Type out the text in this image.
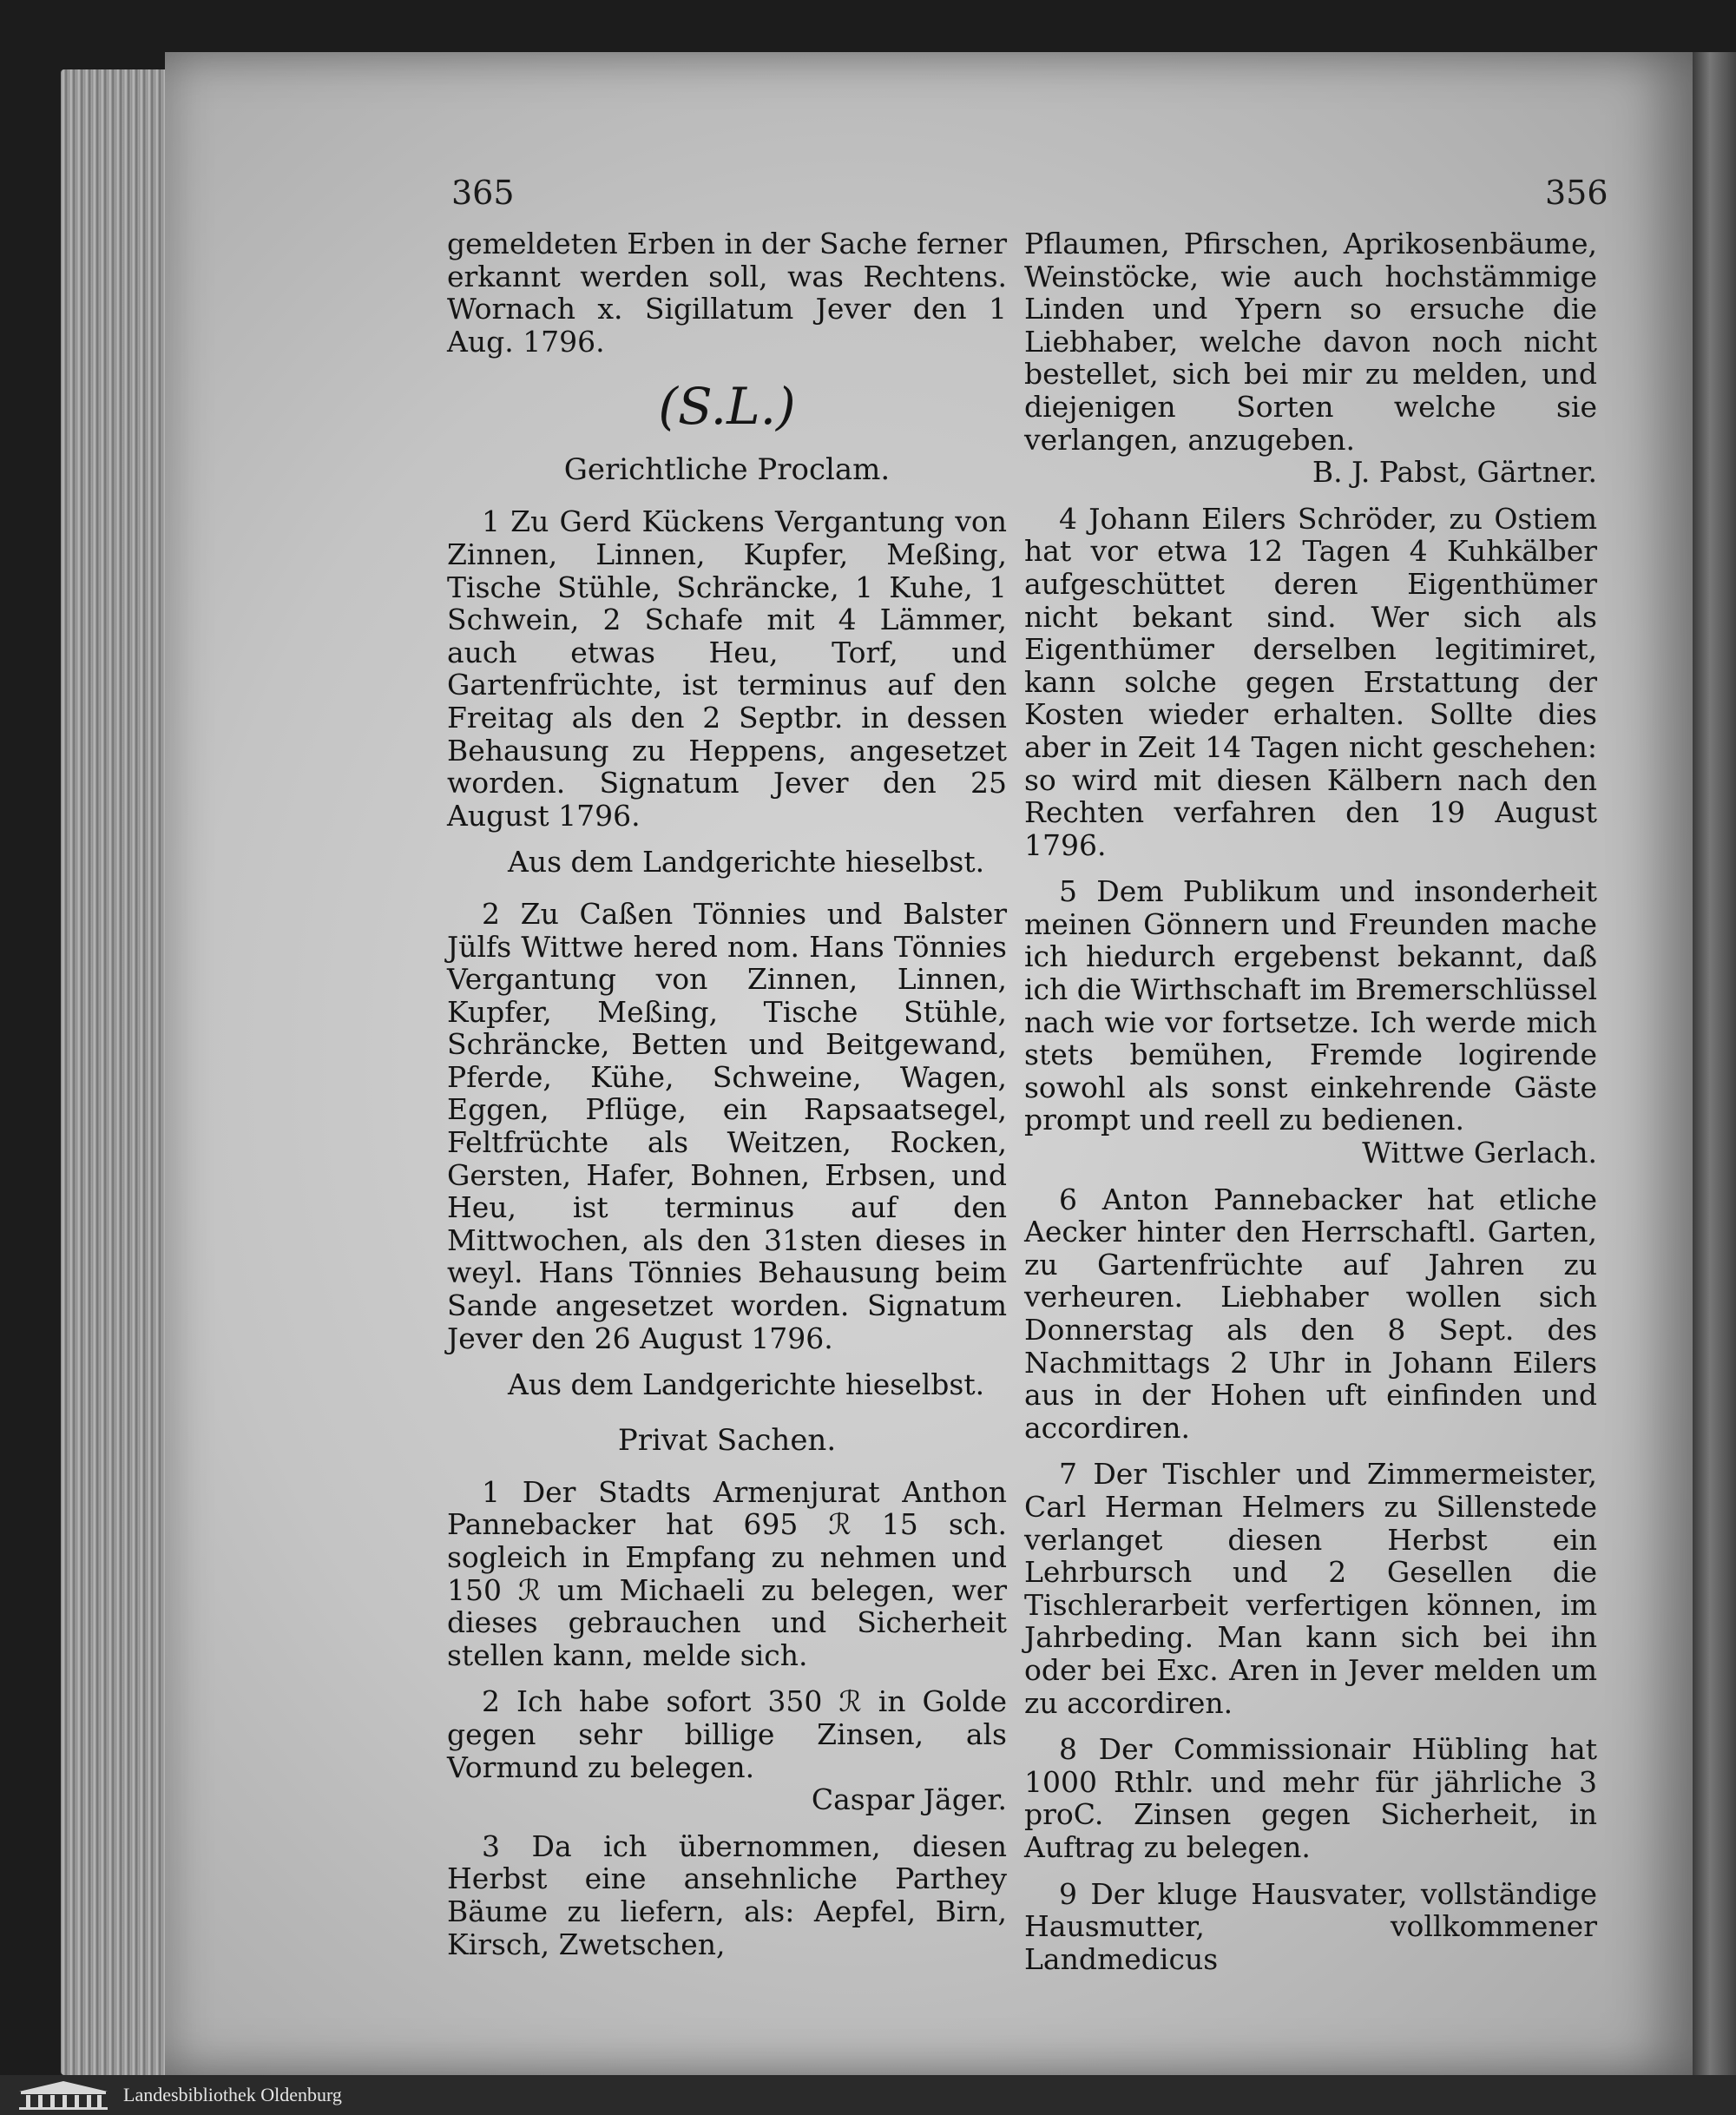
365	356

gemeldeten Erben in der Sache ferner erkannt werden soll, was Rechtens. Wornach x. Sigillatum Jever den 1 Aug. 1796.

(S.L.)
Gerichtliche Proclam.

1 Zu Gerd Kückens Vergantung von Zinnen, Linnen, Kupfer, Meßing, Tische Stühle, Schräncke, 1 Kuhe, 1 Schwein, 2 Schafe mit 4 Lämmer, auch etwas Heu, Torf, und Gartenfrüchte, ist terminus auf den Freitag als den 2 Septbr. in dessen Behausung zu Heppens, angesetzet worden. Signatum Jever den 25 August 1796.

Aus dem Landgerichte hieselbst.

2 Zu Caßen Tönnies und Balster Jülfs Wittwe hered nom. Hans Tönnies Vergantung von Zinnen, Linnen, Kupfer, Meßing, Tische Stühle, Schräncke, Betten und Beitgewand, Pferde, Kühe, Schweine, Wagen, Eggen, Pflüge, ein Rapsaatsegel, Feltfrüchte als Weitzen, Rocken, Gersten, Hafer, Bohnen, Erbsen, und Heu, ist terminus auf den Mittwochen, als den 31sten dieses in weyl. Hans Tönnies Behausung beim Sande angesetzet worden. Signatum Jever den 26 August 1796.

Aus dem Landgerichte hieselbst.

Privat Sachen.

1 Der Stadts Armenjurat Anthon Pannebacker hat 695 ℛ 15 sch. sogleich in Empfang zu nehmen und 150 ℛ um Michaeli zu belegen, wer dieses gebrauchen und Sicherheit stellen kann, melde sich.

2 Ich habe sofort 350 ℛ in Golde gegen sehr billige Zinsen, als Vormund zu belegen.

Caspar Jäger.

3 Da ich übernommen, diesen Herbst eine ansehnliche Parthey Bäume zu liefern, als: Aepfel, Birn, Kirsch, Zwetschen,

Pflaumen, Pfirschen, Aprikosenbäume, Weinstöcke, wie auch hochstämmige Linden und Ypern so ersuche die Liebhaber, welche davon noch nicht bestellet, sich bei mir zu melden, und diejenigen Sorten welche sie verlangen, anzugeben.

B. J. Pabst, Gärtner.

4 Johann Eilers Schröder, zu Ostiem hat vor etwa 12 Tagen 4 Kuhkälber aufgeschüttet deren Eigenthümer nicht bekant sind. Wer sich als Eigenthümer derselben legitimiret, kann solche gegen Erstattung der Kosten wieder erhalten. Sollte dies aber in Zeit 14 Tagen nicht geschehen: so wird mit diesen Kälbern nach den Rechten verfahren den 19 August 1796.

5 Dem Publikum und insonderheit meinen Gönnern und Freunden mache ich hiedurch ergebenst bekannt, daß ich die Wirthschaft im Bremerschlüssel nach wie vor fortsetze. Ich werde mich stets bemühen, Fremde logirende sowohl als sonst einkehrende Gäste prompt und reell zu bedienen.

Wittwe Gerlach.

6 Anton Pannebacker hat etliche Aecker hinter den Herrschaftl. Garten, zu Gartenfrüchte auf Jahren zu verheuren. Liebhaber wollen sich Donnerstag als den 8 Sept. des Nachmittags 2 Uhr in Johann Eilers aus in der Hohen uft einfinden und accordiren.

7 Der Tischler und Zimmermeister, Carl Herman Helmers zu Sillenstede verlanget diesen Herbst ein Lehrbursch und 2 Gesellen die Tischlerarbeit verfertigen können, im Jahrbeding. Man kann sich bei ihn oder bei Exc. Aren in Jever melden um zu accordiren.

8 Der Commissionair Hübling hat 1000 Rthlr. und mehr für jährliche 3 proC. Zinsen gegen Sicherheit, in Auftrag zu belegen.

9 Der kluge Hausvater, vollständige Hausmutter, vollkommener Landmedicus

Landesbibliothek Oldenburg
